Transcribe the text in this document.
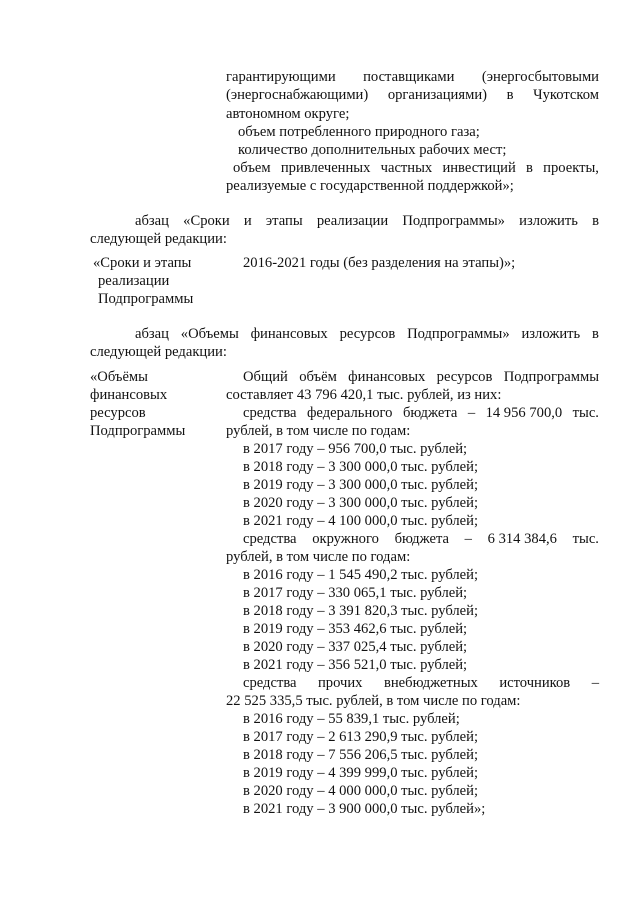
гарантирующими поставщиками (энергосбытовыми
(энергоснабжающими) организациями) в Чукотском
автономном округе;
объем потребленного природного газа;
количество дополнительных рабочих мест;
объем привлеченных частных инвестиций в проекты,
реализуемые с государственной поддержкой»;
абзац «Сроки и этапы реализации Подпрограммы» изложить в
следующей редакции:
«Сроки и этапы
реализации
Подпрограммы
2016-2021 годы (без разделения на этапы)»;
абзац «Объемы финансовых ресурсов Подпрограммы» изложить в
следующей редакции:
«Объёмы
финансовых
ресурсов
Подпрограммы
Общий объём финансовых ресурсов Подпрограммы
составляет 43 796 420,1 тыс. рублей, из них:
средства федерального бюджета – 14 956 700,0 тыс.
рублей, в том числе по годам:
в 2017 году – 956 700,0 тыс. рублей;
в 2018 году – 3 300 000,0 тыс. рублей;
в 2019 году – 3 300 000,0 тыс. рублей;
в 2020 году – 3 300 000,0 тыс. рублей;
в 2021 году – 4 100 000,0 тыс. рублей;
средства окружного бюджета – 6 314 384,6 тыс.
рублей, в том числе по годам:
в 2016 году – 1 545 490,2 тыс. рублей;
в 2017 году – 330 065,1 тыс. рублей;
в 2018 году – 3 391 820,3 тыс. рублей;
в 2019 году – 353 462,6 тыс. рублей;
в 2020 году – 337 025,4 тыс. рублей;
в 2021 году – 356 521,0 тыс. рублей;
средства прочих внебюджетных источников –
22 525 335,5 тыс. рублей, в том числе по годам:
в 2016 году – 55 839,1 тыс. рублей;
в 2017 году – 2 613 290,9 тыс. рублей;
в 2018 году – 7 556 206,5 тыс. рублей;
в 2019 году – 4 399 999,0 тыс. рублей;
в 2020 году – 4 000 000,0 тыс. рублей;
в 2021 году – 3 900 000,0 тыс. рублей»;
